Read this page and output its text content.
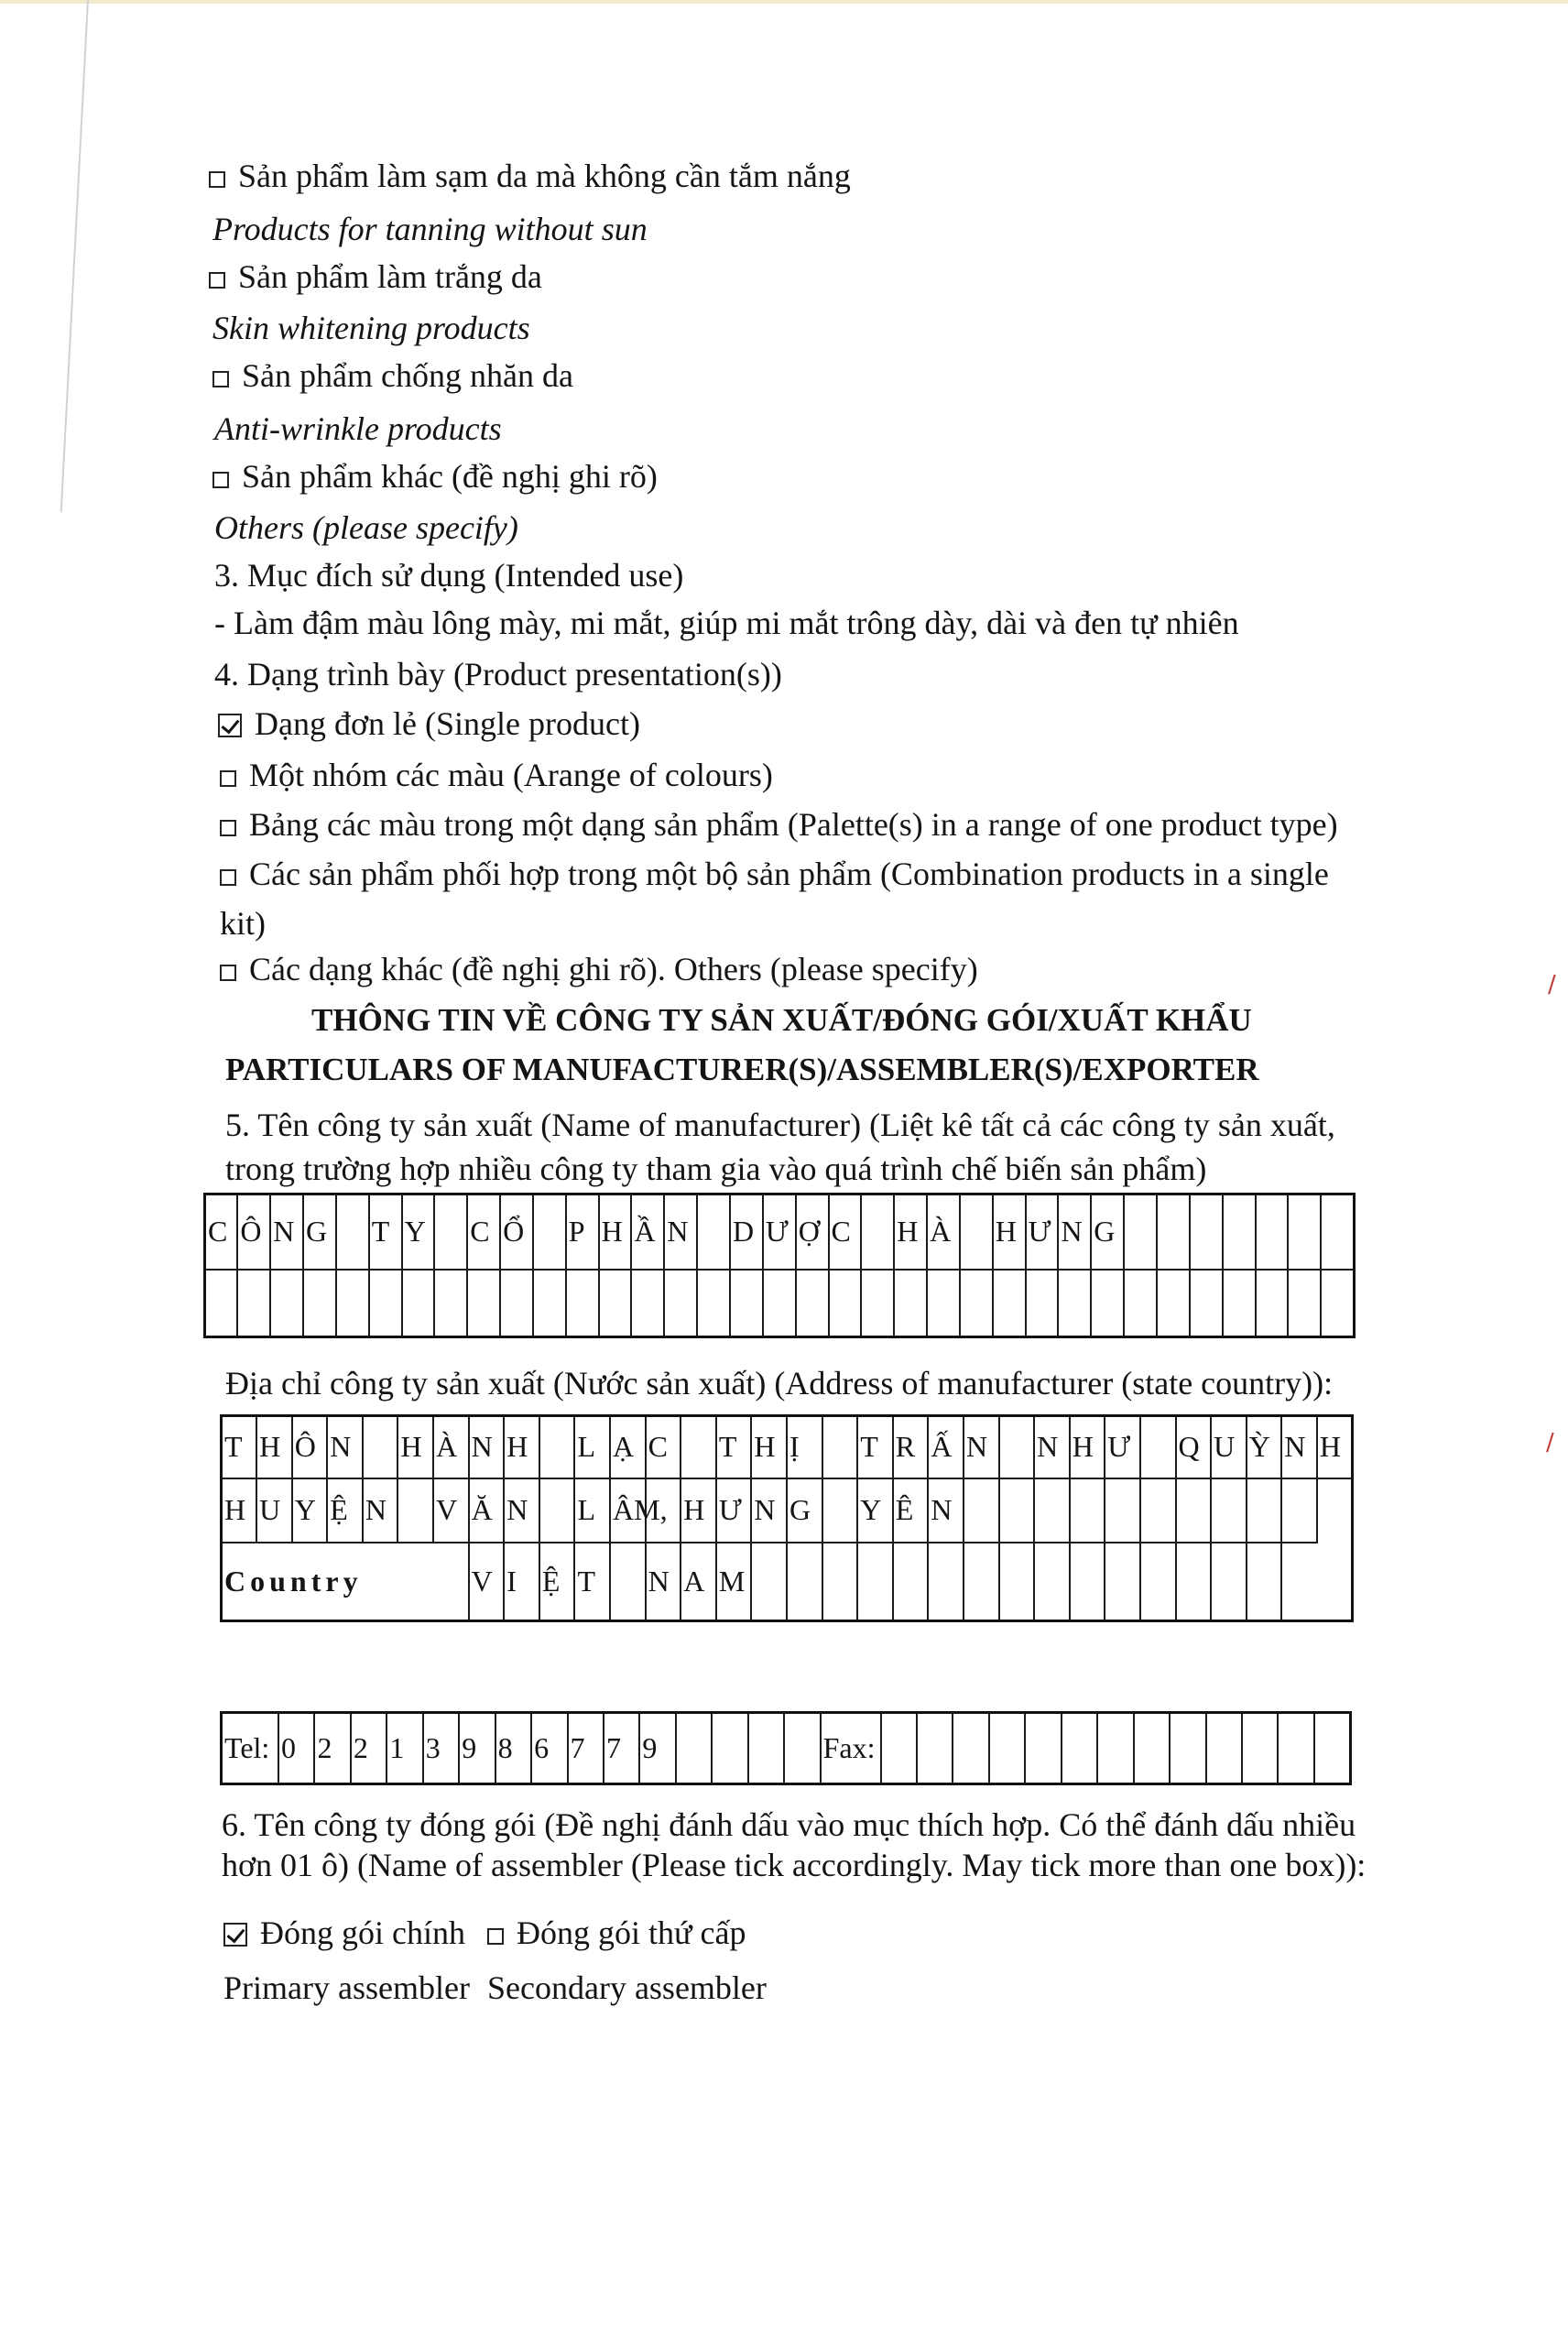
Sản phẩm làm sạm da mà không cần tắm nắng
Products for tanning without sun
Sản phẩm làm trắng da
Skin whitening products
Sản phẩm chống nhăn da
Anti-wrinkle products
Sản phẩm khác (đề nghị ghi rõ)
Others (please specify)
3. Mục đích sử dụng (Intended use)
- Làm đậm màu lông mày, mi mắt, giúp mi mắt trông dày, dài và đen tự nhiên
4. Dạng trình bày (Product presentation(s))
Dạng đơn lẻ (Single product)
Một nhóm các màu (Arange of colours)
Bảng các màu trong một dạng sản phẩm (Palette(s) in a range of one product type)
Các sản phẩm phối hợp trong một bộ sản phẩm (Combination products in a single
kit)
Các dạng khác (đề nghị ghi rõ). Others (please specify)
THÔNG TIN VỀ CÔNG TY SẢN XUẤT/ĐÓNG GÓI/XUẤT KHẨU
PARTICULARS OF MANUFACTURER(S)/ASSEMBLER(S)/EXPORTER
5. Tên công ty sản xuất (Name of manufacturer) (Liệt kê tất cả các công ty sản xuất,
trong trường hợp nhiều công ty tham gia vào quá trình chế biến sản phẩm)
C	Ô	N	G		T	Y		C	Ổ		P	H	Ầ	N		D	Ư	Ợ	C		H	À		H	Ư	N	G							

Địa chỉ công ty sản xuất (Nước sản xuất) (Address of manufacturer (state country)):
T	H	Ô	N		H	À	N	H		L	Ạ	C		T	H	Ị		T	R	Ấ	N		N	H	Ư		Q	U	Ỳ	N	H
H	U	Y	Ệ	N		V	Ă	N		L	ÂM,		H	Ư	N	G		Y	Ê	N											
Country							V	I	Ệ	T		N	A	M																	
Tel:	0	2	2	1	3	9	8	6	7	7	9					Fax:													
6. Tên công ty đóng gói (Đề nghị đánh dấu vào mục thích hợp. Có thể đánh dấu nhiều
hơn 01 ô) (Name of assembler (Please tick accordingly. May tick more than one box)):
Đóng gói chính	Đóng gói thứ cấp
Primary assembler Secondary assembler
/
/
